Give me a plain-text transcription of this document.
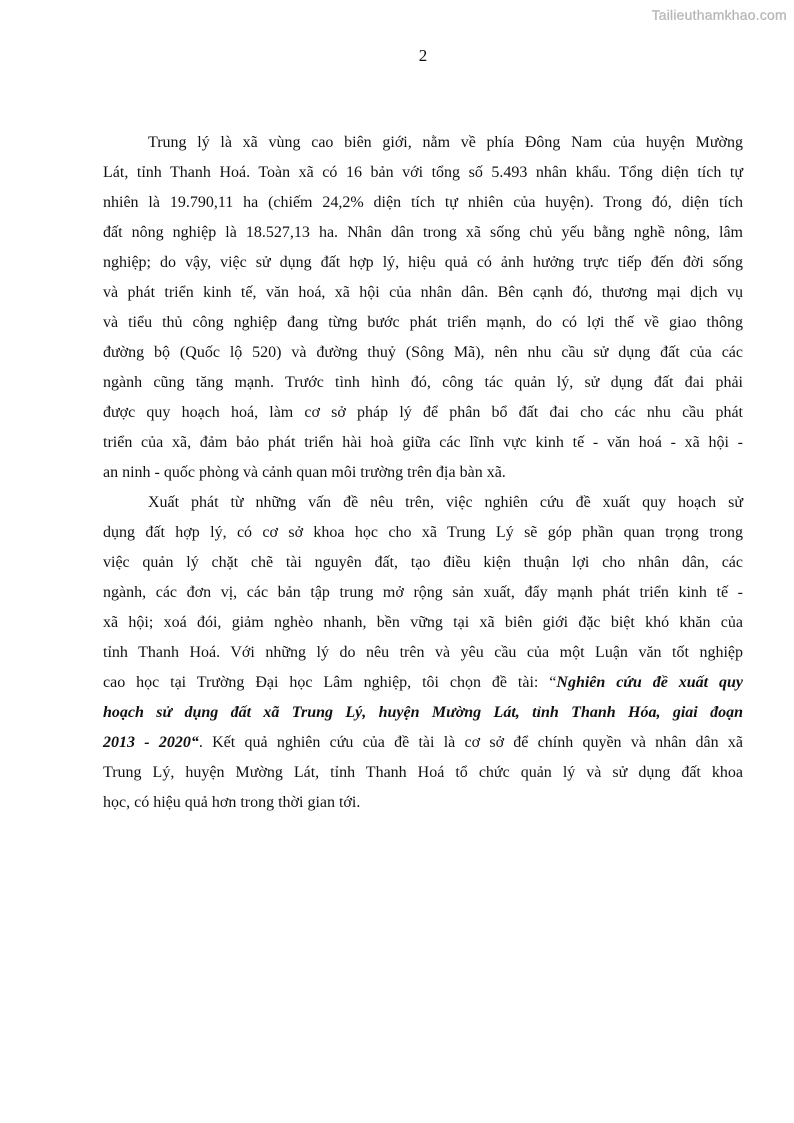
Tailieuthamkhao.com
2
Trung lý là xã vùng cao biên giới, nằm về phía Đông Nam của huyện Mường
Lát, tỉnh Thanh Hoá. Toàn xã có 16 bản với tổng số 5.493 nhân khẩu. Tổng diện tích tự
nhiên là 19.790,11 ha (chiếm 24,2% diện tích tự nhiên của huyện). Trong đó, diện tích
đất nông nghiệp là 18.527,13 ha. Nhân dân trong xã sống chủ yếu bằng nghề nông, lâm
nghiệp; do vậy, việc sử dụng đất hợp lý, hiệu quả có ảnh hưởng trực tiếp đến đời sống
và phát triển kinh tế, văn hoá, xã hội của nhân dân. Bên cạnh đó, thương mại dịch vụ
và tiểu thủ công nghiệp đang từng bước phát triển mạnh, do có lợi thế về giao thông
đường bộ (Quốc lộ 520) và đường thuỷ (Sông Mã), nên nhu cầu sử dụng đất của các
ngành cũng tăng mạnh. Trước tình hình đó, công tác quản lý, sử dụng đất đai phải
được quy hoạch hoá, làm cơ sở pháp lý để phân bổ đất đai cho các nhu cầu phát
triển của xã, đảm bảo phát triển hài hoà giữa các lĩnh vực kinh tế - văn hoá - xã hội -
an ninh - quốc phòng và cảnh quan môi trường trên địa bàn xã.
Xuất phát từ những vấn đề nêu trên, việc nghiên cứu đề xuất quy hoạch sử
dụng đất hợp lý, có cơ sở khoa học cho xã Trung Lý sẽ góp phần quan trọng trong
việc quản lý chặt chẽ tài nguyên đất, tạo điều kiện thuận lợi cho nhân dân, các
ngành, các đơn vị, các bản tập trung mở rộng sản xuất, đẩy mạnh phát triển kinh tế -
xã hội; xoá đói, giảm nghèo nhanh, bền vững tại xã biên giới đặc biệt khó khăn của
tỉnh Thanh Hoá. Với những lý do nêu trên và yêu cầu của một Luận văn tốt nghiệp
cao học tại Trường Đại học Lâm nghiệp, tôi chọn đề tài: “Nghiên cứu đề xuất quy
hoạch sử dụng đất xã Trung Lý, huyện Mường Lát, tỉnh Thanh Hóa, giai đoạn
2013 - 2020“. Kết quả nghiên cứu của đề tài là cơ sở để chính quyền và nhân dân xã
Trung Lý, huyện Mường Lát, tỉnh Thanh Hoá tổ chức quản lý và sử dụng đất khoa
học, có hiệu quả hơn trong thời gian tới.
